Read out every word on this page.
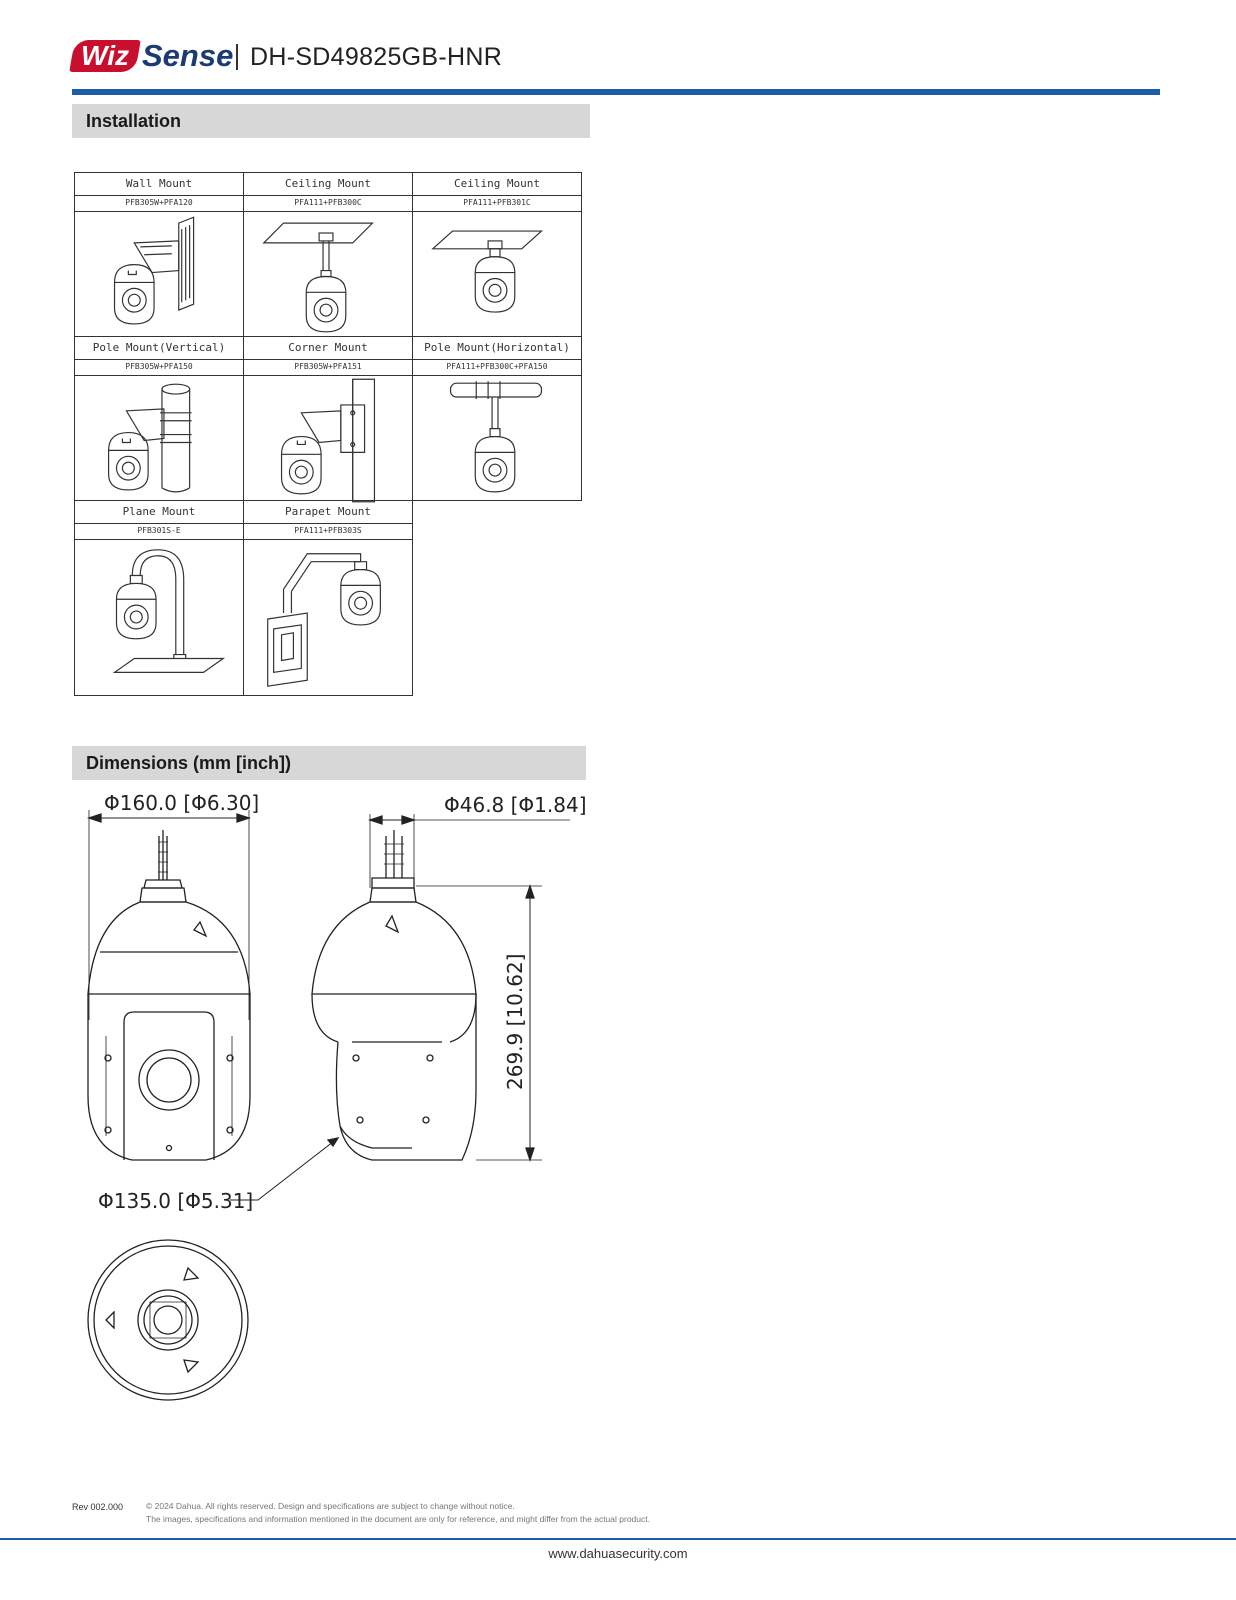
Wiz Sense DH-SD49825GB-HNR
Installation
Wall Mount
PFB305W+PFA120
Ceiling Mount
PFA111+PFB300C
Ceiling Mount
PFA111+PFB301C
Pole Mount(Vertical)
PFB305W+PFA150
Corner Mount
PFB305W+PFA151
Pole Mount(Horizontal)
PFA111+PFB300C+PFA150
Plane Mount
PFB301S-E
Parapet Mount
PFA111+PFB303S
Dimensions (mm [inch])
Φ160.0 [Φ6.30]	Φ46.8 [Φ1.84]
Φ135.0 [Φ5.31]
269.9 [10.62]
Rev 002.000	© 2024 Dahua. All rights reserved. Design and specifications are subject to change without notice.
The images, specifications and information mentioned in the document are only for reference, and might differ from the actual product.
www.dahuasecurity.com
